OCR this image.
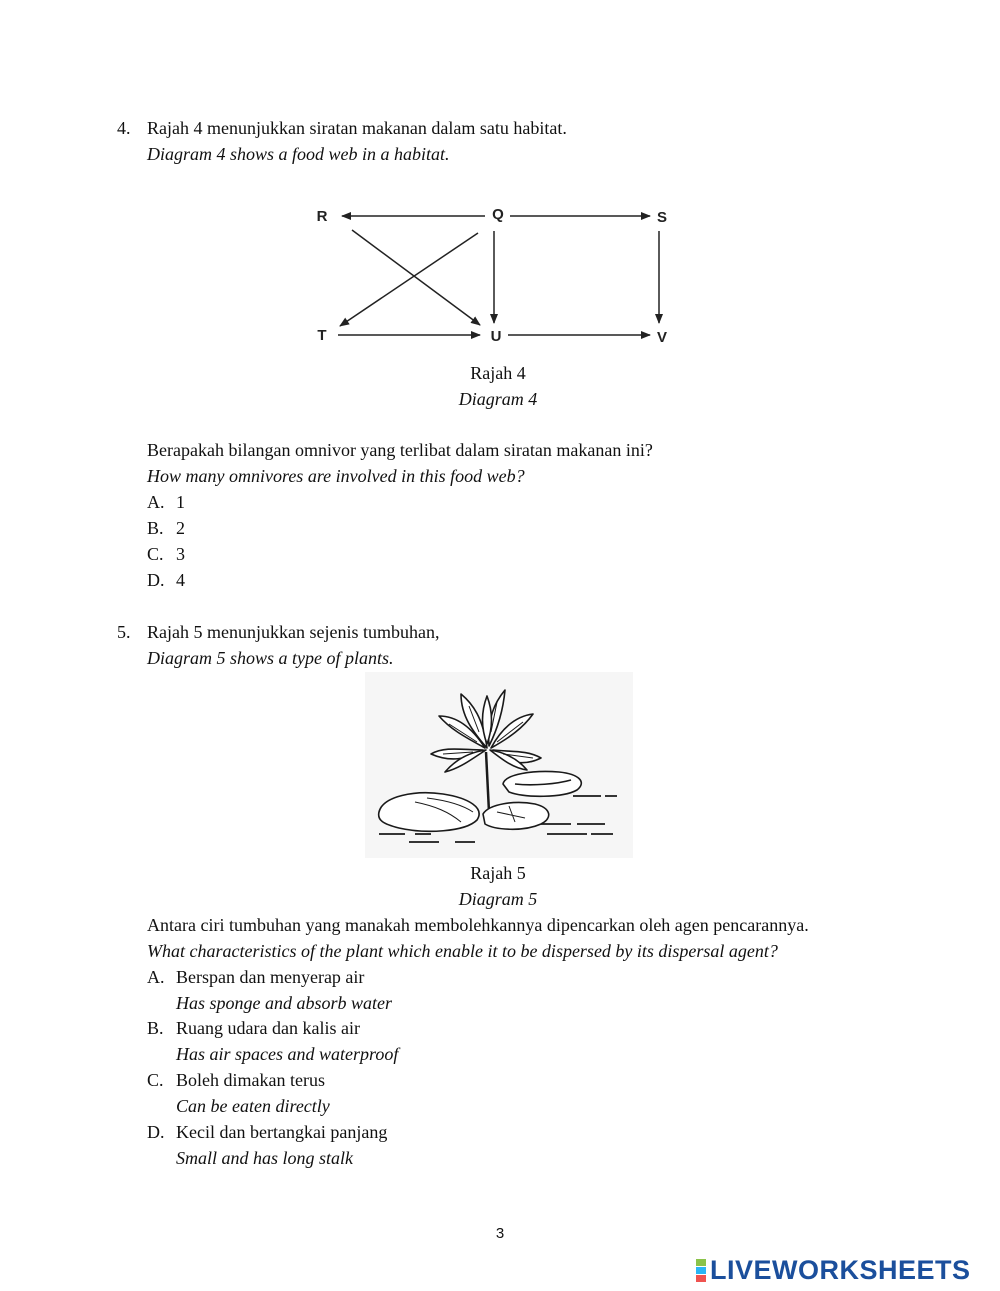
4. Rajah 4 menunjukkan siratan makanan dalam satu habitat.
Diagram 4 shows a food web in a habitat.
R	Q	S
T	U	V
Rajah 4
Diagram 4
Berapakah bilangan omnivor yang terlibat dalam siratan makanan ini?
How many omnivores are involved in this food web?
A. 1
B. 2
C. 3
D. 4
5. Rajah 5 menunjukkan sejenis tumbuhan,
Diagram 5 shows a type of plants.
Rajah 5
Diagram 5
Antara ciri tumbuhan yang manakah membolehkannya dipencarkan oleh agen pencarannya.
What characteristics of the plant which enable it to be dispersed by its dispersal agent?
A. Berspan dan menyerap air
Has sponge and absorb water
B. Ruang udara dan kalis air
Has air spaces and waterproof
C. Boleh dimakan terus
Can be eaten directly
D. Kecil dan bertangkai panjang
Small and has long stalk
3
LIVEWORKSHEETS
